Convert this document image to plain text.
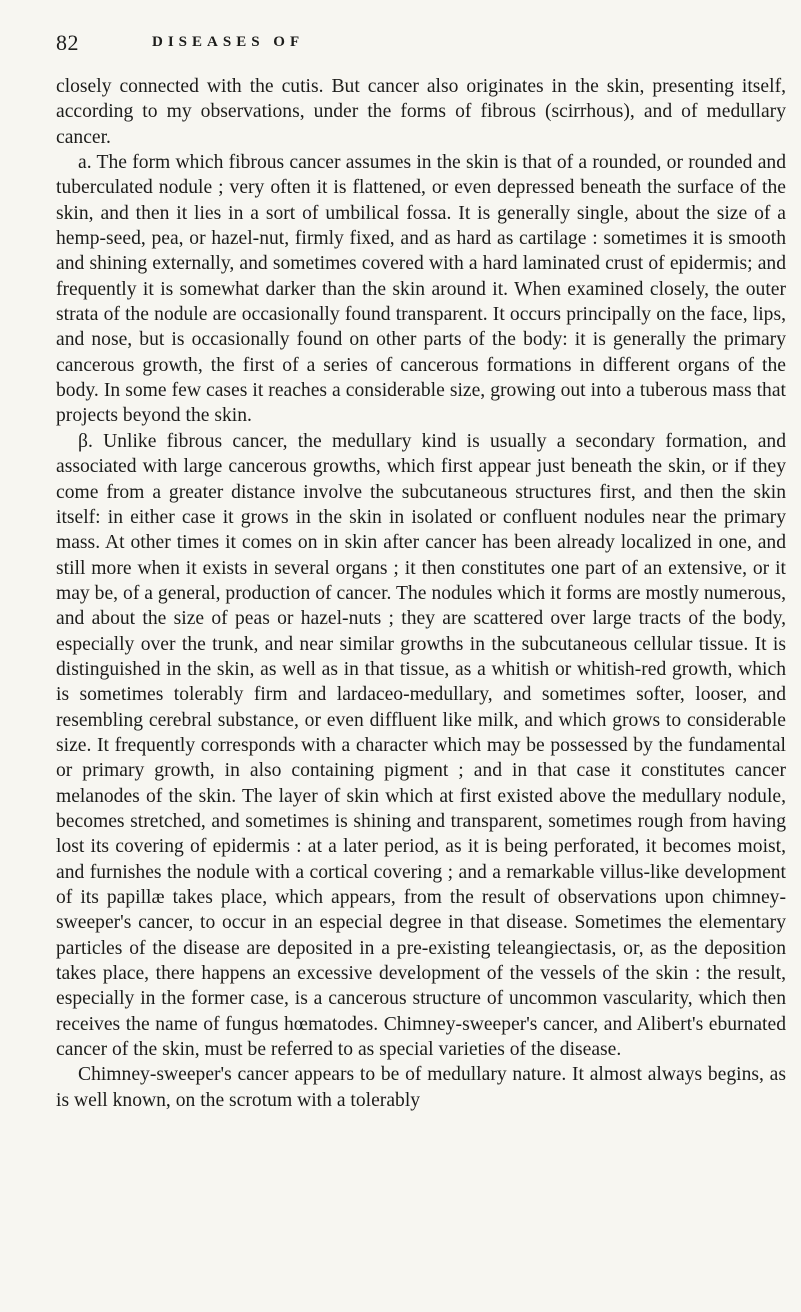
82	DISEASES OF

closely connected with the cutis. But cancer also originates in the skin, presenting itself, according to my observations, under the forms of fibrous (scirrhous), and of medullary cancer.

a. The form which fibrous cancer assumes in the skin is that of a rounded, or rounded and tuberculated nodule ; very often it is flattened, or even depressed beneath the surface of the skin, and then it lies in a sort of umbilical fossa. It is generally single, about the size of a hemp-seed, pea, or hazel-nut, firmly fixed, and as hard as cartilage : sometimes it is smooth and shining externally, and sometimes covered with a hard laminated crust of epidermis; and frequently it is somewhat darker than the skin around it. When examined closely, the outer strata of the nodule are occasionally found transparent. It occurs principally on the face, lips, and nose, but is occasionally found on other parts of the body: it is generally the primary cancerous growth, the first of a series of cancerous formations in different organs of the body. In some few cases it reaches a considerable size, growing out into a tuberous mass that projects beyond the skin.

β. Unlike fibrous cancer, the medullary kind is usually a secondary formation, and associated with large cancerous growths, which first appear just beneath the skin, or if they come from a greater distance involve the subcutaneous structures first, and then the skin itself: in either case it grows in the skin in isolated or confluent nodules near the primary mass. At other times it comes on in skin after cancer has been already localized in one, and still more when it exists in several organs ; it then constitutes one part of an extensive, or it may be, of a general, production of cancer. The nodules which it forms are mostly numerous, and about the size of peas or hazel-nuts ; they are scattered over large tracts of the body, especially over the trunk, and near similar growths in the subcutaneous cellular tissue. It is distinguished in the skin, as well as in that tissue, as a whitish or whitish-red growth, which is sometimes tolerably firm and lardaceo-medullary, and sometimes softer, looser, and resembling cerebral substance, or even diffluent like milk, and which grows to considerable size. It frequently corresponds with a character which may be possessed by the fundamental or primary growth, in also containing pigment ; and in that case it constitutes cancer melanodes of the skin. The layer of skin which at first existed above the medullary nodule, becomes stretched, and sometimes is shining and transparent, sometimes rough from having lost its covering of epidermis : at a later period, as it is being perforated, it becomes moist, and furnishes the nodule with a cortical covering ; and a remarkable villus-like development of its papillæ takes place, which appears, from the result of observations upon chimney-sweeper's cancer, to occur in an especial degree in that disease. Sometimes the elementary particles of the disease are deposited in a pre-existing teleangiectasis, or, as the deposition takes place, there happens an excessive development of the vessels of the skin : the result, especially in the former case, is a cancerous structure of uncommon vascularity, which then receives the name of fungus hœmatodes. Chimney-sweeper's cancer, and Alibert's eburnated cancer of the skin, must be referred to as special varieties of the disease.

Chimney-sweeper's cancer appears to be of medullary nature. It almost always begins, as is well known, on the scrotum with a tolerably
